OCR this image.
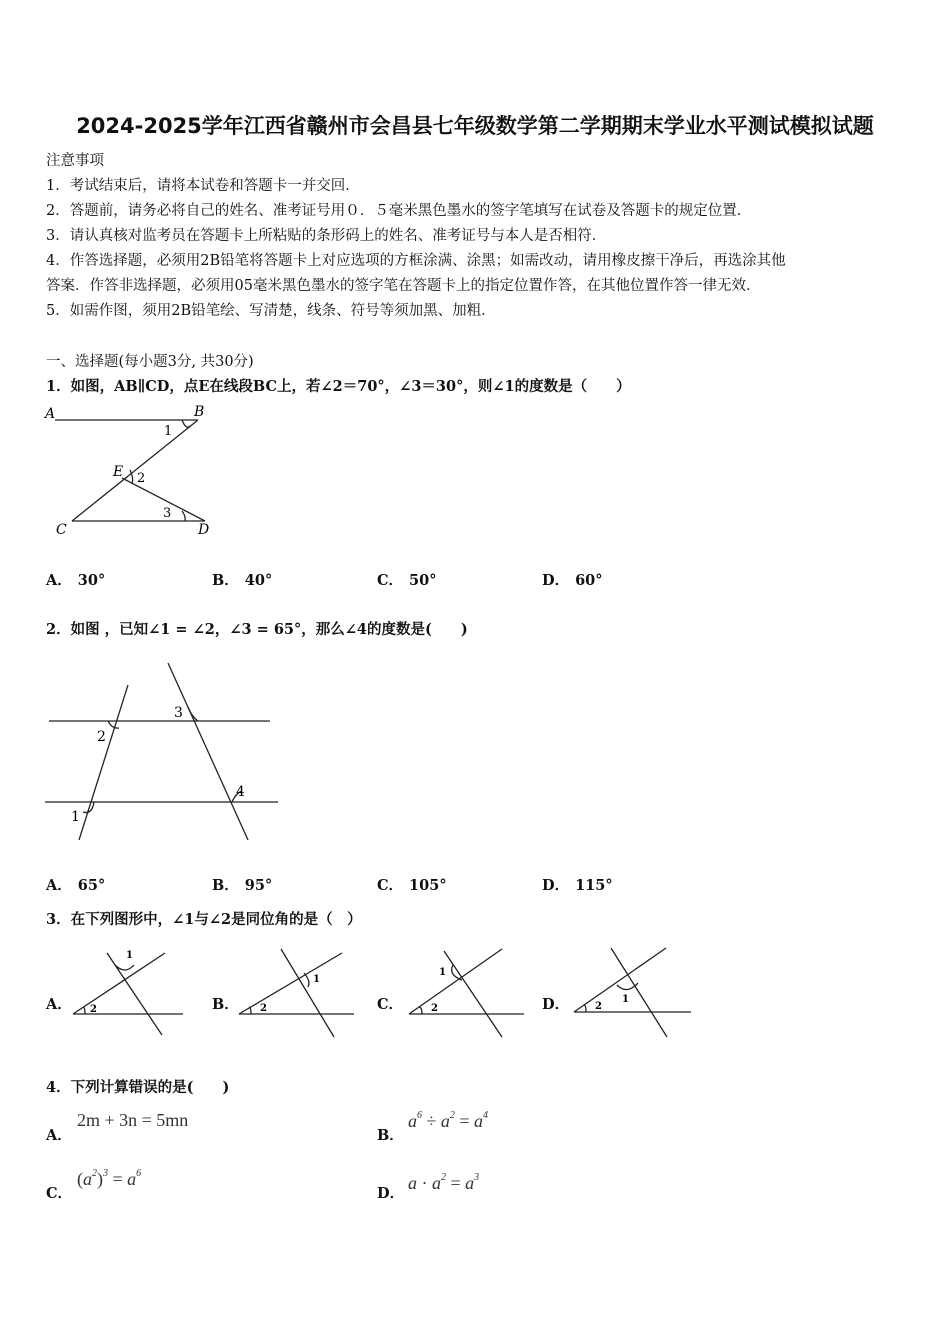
2024-2025学年江西省赣州市会昌县七年级数学第二学期期末学业水平测试模拟试题
注意事项
1．考试结束后，请将本试卷和答题卡一并交回．
2．答题前，请务必将自己的姓名、准考证号用０．５毫米黑色墨水的签字笔填写在试卷及答题卡的规定位置．
3．请认真核对监考员在答题卡上所粘贴的条形码上的姓名、准考证号与本人是否相符．
4．作答选择题，必须用2B铅笔将答题卡上对应选项的方框涂满、涂黑；如需改动，请用橡皮擦干净后，再选涂其他
答案．作答非选择题，必须用05毫米黑色墨水的签字笔在答题卡上的指定位置作答，在其他位置作答一律无效．
5．如需作图，须用2B铅笔绘、写清楚，线条、符号等须加黑、加粗．
一、选择题(每小题3分, 共30分)
1．如图，AB∥CD，点E在线段BC上，若∠2＝70°，∠3＝30°，则∠1的度数是（　　）
A	B
1
E 2
3
C	D
A． 30°	B． 40°	C． 50°	D． 60°
2．如图 ，已知∠1 = ∠2，∠3 = 65°，那么∠4的度数是(　　)
2
3
4
1
A． 65°	B． 95°	C． 105°	D． 115°
3．在下列图形中，∠1与∠2是同位角的是（　）
A． 2
1
B． 2
1
C．	2
1
D．	2
1
4．下列计算错误的是(　　)
A．
2m + 3n = 5mn
B．
$a^6 \div a^2 = a^4$
C．
$(a^2)^3 = a^6$
D．
$a \cdot a^2 = a^3$
